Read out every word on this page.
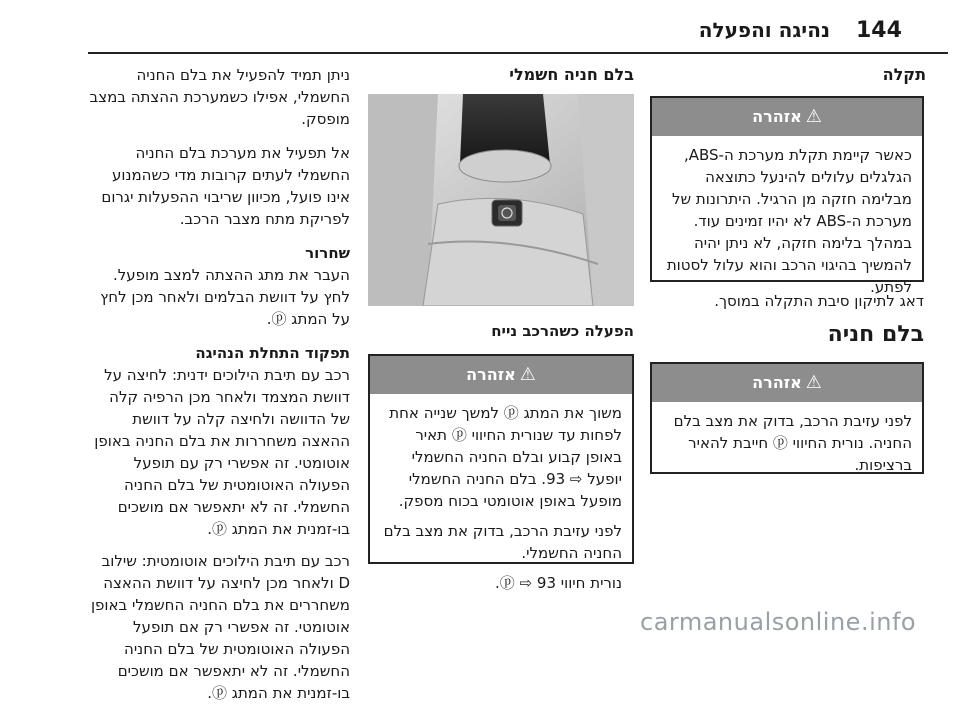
144
נהיגה והפעלה

תקלה

⚠אזהרה

כאשר קיימת תקלת מערכת ה-ABS, הגלגלים עלולים להינעל כתוצאה מבלימה חזקה מן הרגיל. היתרונות של מערכת ה-ABS לא יהיו זמינים עוד. במהלך בלימה חזקה, לא ניתן יהיה להמשיך בהיגוי הרכב והוא עלול לסטות לפתע.

דאג לתיקון סיבת התקלה במוסך.

בלם חניה

⚠אזהרה

לפני עזיבת הרכב, בדוק את מצב בלם החניה. נורית החיווי ⓟ חייבת להאיר ברציפות.

בלם חניה חשמלי

הפעלה כשהרכב נייח

⚠אזהרה

משוך את המתג ⓟ למשך שנייה אחת לפחות עד שנורית החיווי ⓟ תאיר באופן קבוע ובלם החניה החשמלי יופעל ⇨ 93. בלם החניה החשמלי מופעל באופן אוטומטי בכוח מספק.

לפני עזיבת הרכב, בדוק את מצב בלם החניה החשמלי.

נורית חיווי ⓟ ⇨ 93.

ניתן תמיד להפעיל את בלם החניה החשמלי, אפילו כשמערכת ההצתה במצב מופסק.

אל תפעיל את מערכת בלם החניה החשמלי לעתים קרובות מדי כשהמנוע אינו פועל, מכיוון שריבוי ההפעלות יגרום לפריקת מתח מצבר הרכב.

שחרור

העבר את מתג ההצתה למצב מופעל. לחץ על דוושת הבלמים ולאחר מכן לחץ על המתג ⓟ.

תפקוד התחלת הנהיגה

רכב עם תיבת הילוכים ידנית: לחיצה על דוושת המצמד ולאחר מכן הרפיה קלה של הדוושה ולחיצה קלה על דוושת ההאצה משחררות את בלם החניה באופן אוטומטי. זה אפשרי רק עם תופעל הפעולה האוטומטית של בלם החניה החשמלי. זה לא יתאפשר אם מושכים בו-זמנית את המתג ⓟ.

רכב עם תיבת הילוכים אוטומטית: שילוב D ולאחר מכן לחיצה על דוושת ההאצה משחררים את בלם החניה החשמלי באופן אוטומטי. זה אפשרי רק אם תופעל הפעולה האוטומטית של בלם החניה החשמלי. זה לא יתאפשר אם מושכים בו-זמנית את המתג ⓟ.

carmanualsonline.info
